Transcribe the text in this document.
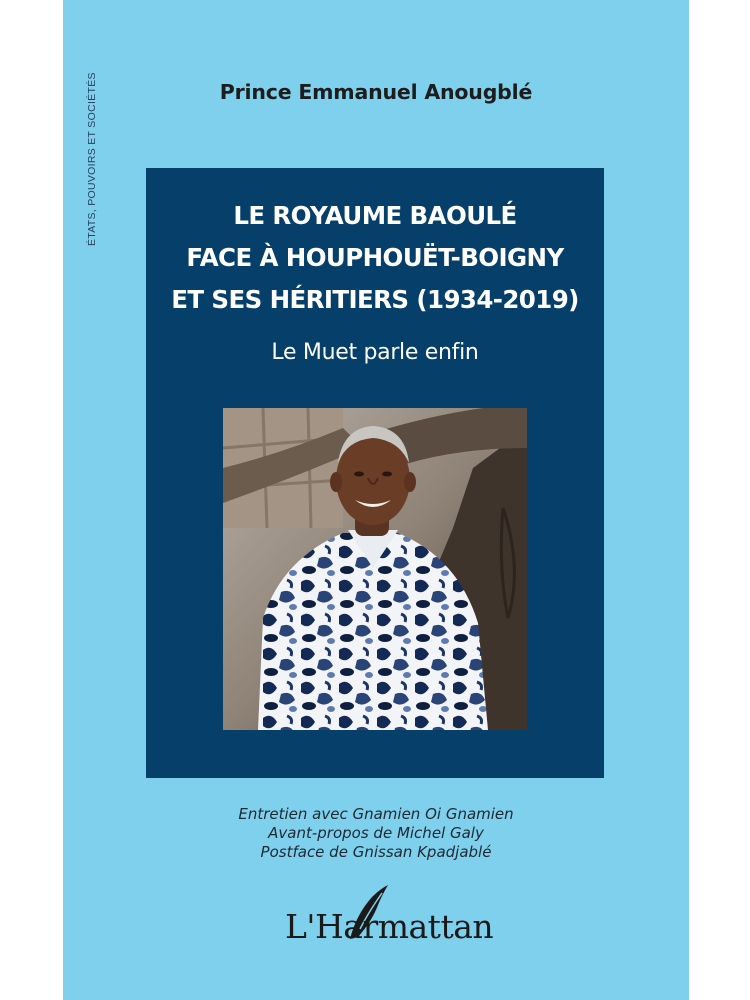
ÉTATS, POUVOIRS ET SOCIÉTÉS	Prince Emmanuel Anougblé
LE ROYAUME BAOULÉ
FACE À HOUPHOUËT-BOIGNY
ET SES HÉRITIERS (1934-2019)
Le Muet parle enfin
Entretien avec Gnamien Oi Gnamien
Avant-propos de Michel Galy
Postface de Gnissan Kpadjablé
L'Harmattan
